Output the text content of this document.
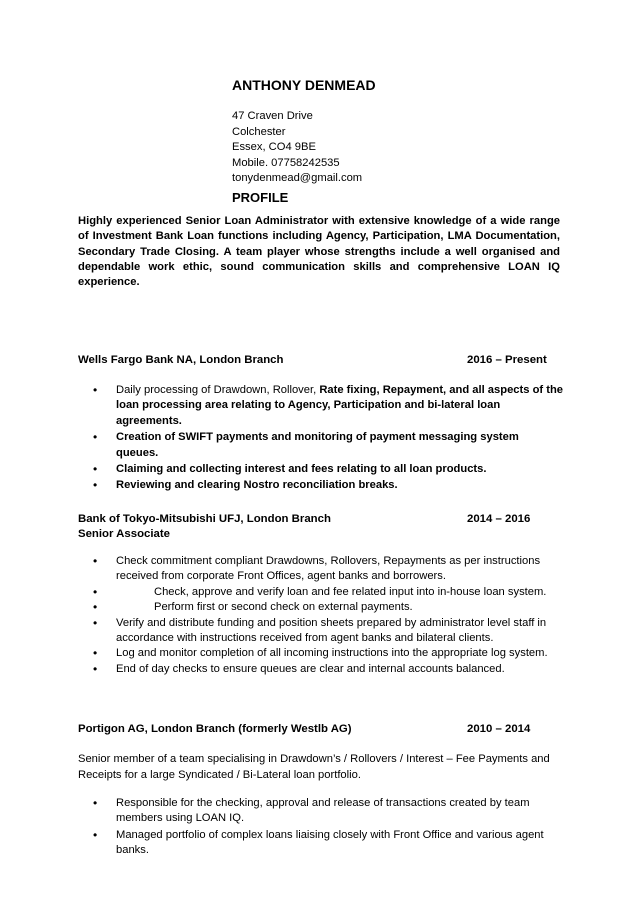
ANTHONY DENMEAD
47 Craven Drive
Colchester
Essex, CO4 9BE
Mobile. 07758242535
tonydenmead@gmail.com
PROFILE
Highly experienced Senior Loan Administrator with extensive knowledge of a wide range of Investment Bank Loan functions including Agency, Participation, LMA Documentation, Secondary Trade Closing. A team player whose strengths include a well organised and dependable work ethic, sound communication skills and comprehensive LOAN IQ experience.
Wells Fargo Bank NA, London Branch	2016 – Present
• Daily processing of Drawdown, Rollover, Rate fixing, Repayment, and all aspects of the loan processing area relating to Agency, Participation and bi-lateral loan agreements.
• Creation of SWIFT payments and monitoring of payment messaging system queues.
• Claiming and collecting interest and fees relating to all loan products.
• Reviewing and clearing Nostro reconciliation breaks.
Bank of Tokyo-Mitsubishi UFJ, London Branch	2014 – 2016
Senior Associate
• Check commitment compliant Drawdowns, Rollovers, Repayments as per instructions received from corporate Front Offices, agent banks and borrowers.
•	Check, approve and verify loan and fee related input into in-house loan system.
•	Perform first or second check on external payments.
• Verify and distribute funding and position sheets prepared by administrator level staff in accordance with instructions received from agent banks and bilateral clients.
• Log and monitor completion of all incoming instructions into the appropriate log system.
• End of day checks to ensure queues are clear and internal accounts balanced.
Portigon AG, London Branch (formerly Westlb AG)	2010 – 2014
Senior member of a team specialising in Drawdown’s / Rollovers / Interest – Fee Payments and Receipts for a large Syndicated / Bi-Lateral loan portfolio.
• Responsible for the checking, approval and release of transactions created by team members using LOAN IQ.
• Managed portfolio of complex loans liaising closely with Front Office and various agent banks.
